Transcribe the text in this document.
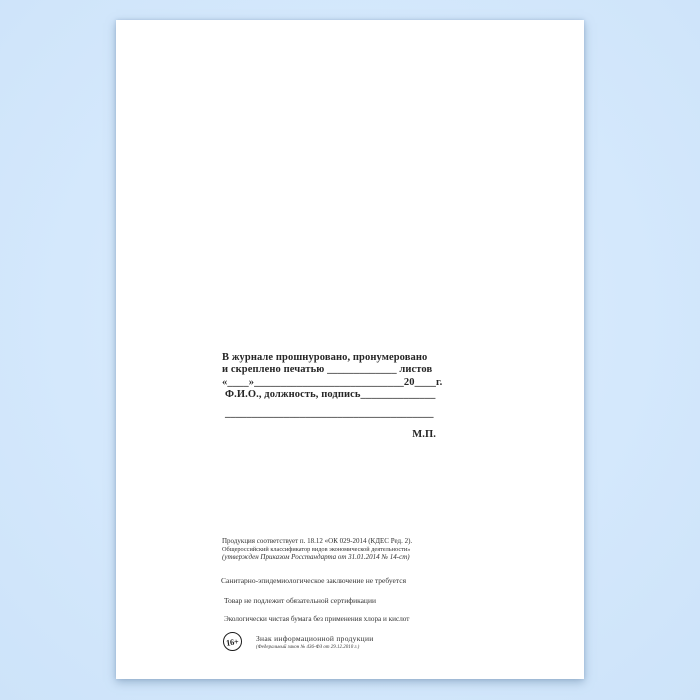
В журнале прошнуровано, пронумеровано
и скреплено печатью _____________ листов
«____»____________________________20____г.
Ф.И.О., должность, подпись______________
_______________________________________
М.П.
Продукция соответствует п. 18.12 «ОК 029-2014 (КДЕС Ред. 2).
Общероссийский классификатор видов экономической деятельности»
(утвержден Приказом Росстандарта от 31.01.2014 № 14-ст)
Санитарно-эпидемиологическое заключение не требуется
Товар не подлежит обязательной сертификации
Экологически чистая бумага без применения хлора и кислот
16+ Знак информационной продукции
(Федеральный закон № 436-ФЗ от 29.12.2010 г.)
